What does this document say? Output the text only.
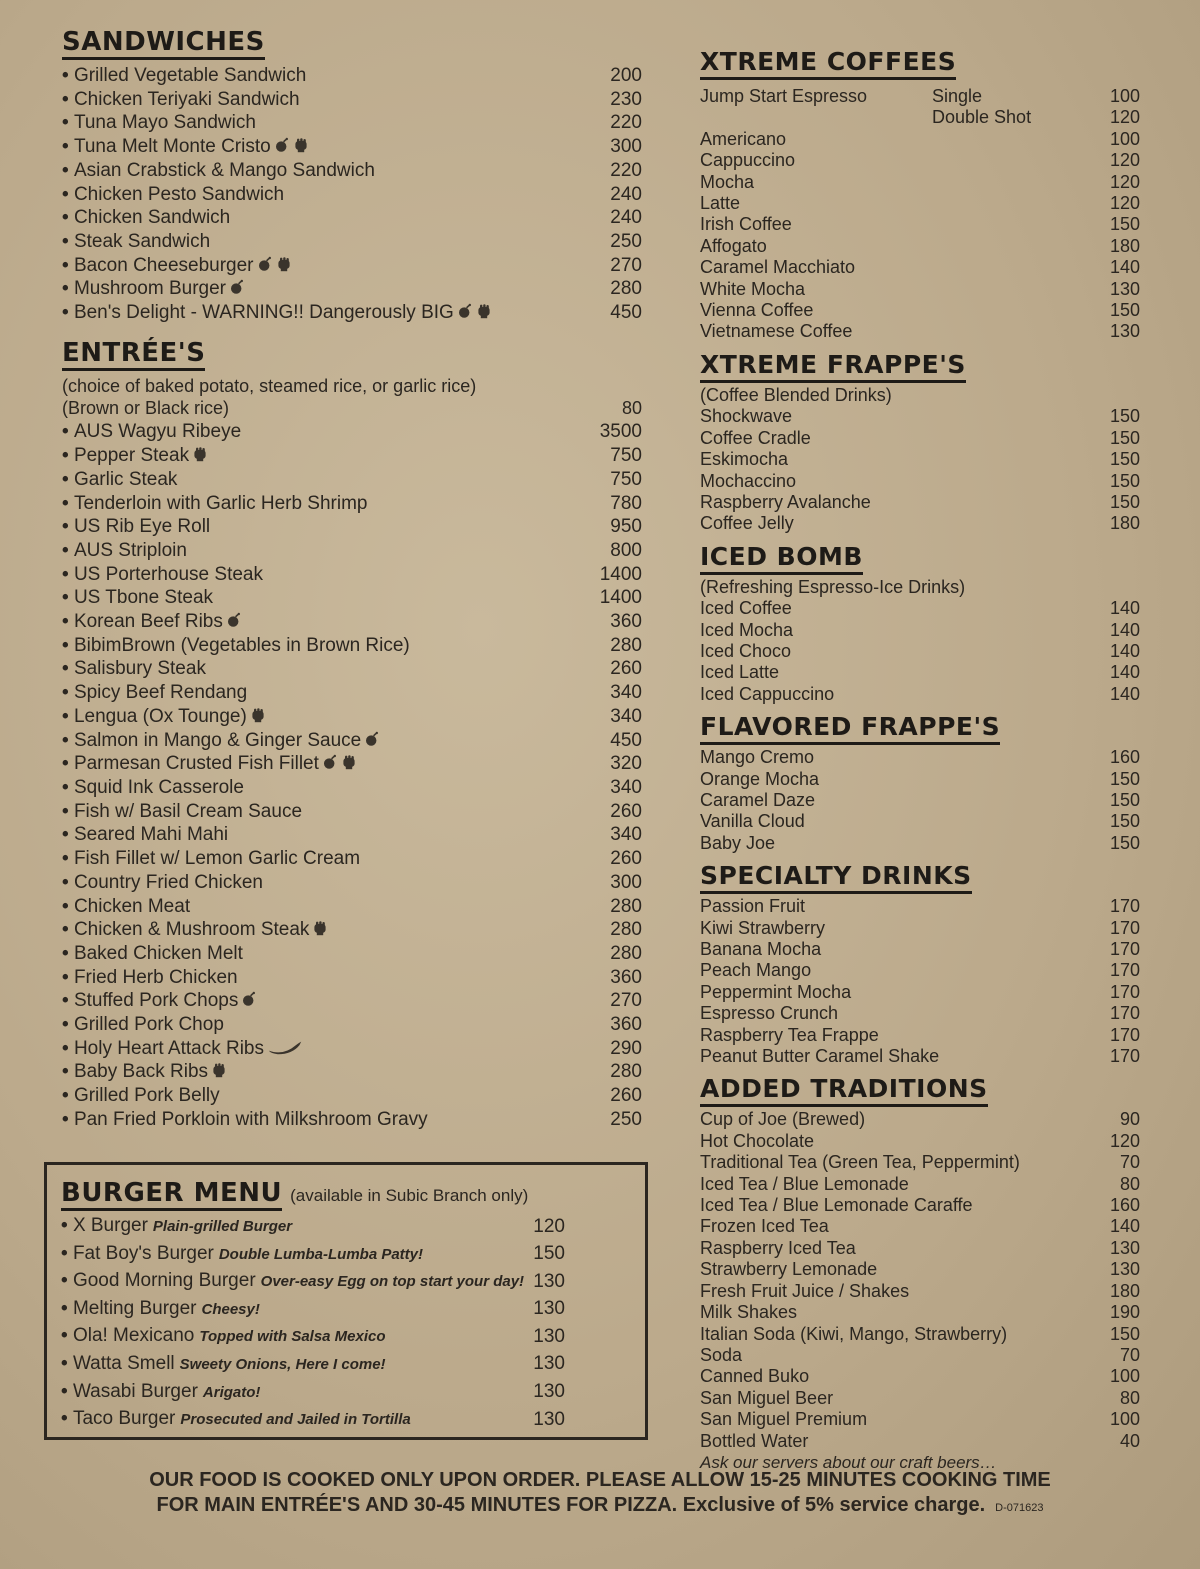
SANDWICHES
• Grilled Vegetable Sandwich	200
• Chicken Teriyaki Sandwich	230
• Tuna Mayo Sandwich	220
• Tuna Melt Monte Cristo	300
• Asian Crabstick & Mango Sandwich	220
• Chicken Pesto Sandwich	240
• Chicken Sandwich	240
• Steak Sandwich	250
• Bacon Cheeseburger	270
• Mushroom Burger	280
• Ben's Delight - WARNING!! Dangerously BIG	450
ENTRÉE'S
(choice of baked potato, steamed rice, or garlic rice)
(Brown or Black rice)	80
• AUS Wagyu Ribeye	3500
• Pepper Steak	750
• Garlic Steak	750
• Tenderloin with Garlic Herb Shrimp	780
• US Rib Eye Roll	950
• AUS Striploin	800
• US Porterhouse Steak	1400
• US Tbone Steak	1400
• Korean Beef Ribs	360
• BibimBrown (Vegetables in Brown Rice)	280
• Salisbury Steak	260
• Spicy Beef Rendang	340
• Lengua (Ox Tounge)	340
• Salmon in Mango & Ginger Sauce	450
• Parmesan Crusted Fish Fillet	320
• Squid Ink Casserole	340
• Fish w/ Basil Cream Sauce	260
• Seared Mahi Mahi	340
• Fish Fillet w/ Lemon Garlic Cream	260
• Country Fried Chicken	300
• Chicken Meat	280
• Chicken & Mushroom Steak	280
• Baked Chicken Melt	280
• Fried Herb Chicken	360
• Stuffed Pork Chops	270
• Grilled Pork Chop	360
• Holy Heart Attack Ribs	290
• Baby Back Ribs	280
• Grilled Pork Belly	260
• Pan Fried Porkloin with Milkshroom Gravy	250
BURGER MENU (available in Subic Branch only)
• X Burger Plain-grilled Burger	120
• Fat Boy's Burger Double Lumba-Lumba Patty!	150
• Good Morning Burger Over-easy Egg on top start your day! 130
• Melting Burger Cheesy!	130
• Ola! Mexicano Topped with Salsa Mexico	130
• Watta Smell Sweety Onions, Here I come!	130
• Wasabi Burger Arigato!	130
• Taco Burger Prosecuted and Jailed in Tortilla	130
XTREME COFFEES
Jump Start Espresso	Single	100
Double Shot	120
Americano	100
Cappuccino	120
Mocha	120
Latte	120
Irish Coffee	150
Affogato	180
Caramel Macchiato	140
White Mocha	130
Vienna Coffee	150
Vietnamese Coffee	130
XTREME FRAPPE'S
(Coffee Blended Drinks)
Shockwave	150
Coffee Cradle	150
Eskimocha	150
Mochaccino	150
Raspberry Avalanche	150
Coffee Jelly	180
ICED BOMB
(Refreshing Espresso-Ice Drinks)
Iced Coffee	140
Iced Mocha	140
Iced Choco	140
Iced Latte	140
Iced Cappuccino	140
FLAVORED FRAPPE'S
Mango Cremo	160
Orange Mocha	150
Caramel Daze	150
Vanilla Cloud	150
Baby Joe	150
SPECIALTY DRINKS
Passion Fruit	170
Kiwi Strawberry	170
Banana Mocha	170
Peach Mango	170
Peppermint Mocha	170
Espresso Crunch	170
Raspberry Tea Frappe	170
Peanut Butter Caramel Shake	170
ADDED TRADITIONS
Cup of Joe (Brewed)	90
Hot Chocolate	120
Traditional Tea (Green Tea, Peppermint)	70
Iced Tea / Blue Lemonade	80
Iced Tea / Blue Lemonade Caraffe	160
Frozen Iced Tea	140
Raspberry Iced Tea	130
Strawberry Lemonade	130
Fresh Fruit Juice / Shakes	180
Milk Shakes	190
Italian Soda (Kiwi, Mango, Strawberry)	150
Soda	70
Canned Buko	100
San Miguel Beer	80
San Miguel Premium	100
Bottled Water	40
Ask our servers about our craft beers…
OUR FOOD IS COOKED ONLY UPON ORDER. PLEASE ALLOW 15-25 MINUTES COOKING TIME
FOR MAIN ENTRÉE'S AND 30-45 MINUTES FOR PIZZA. Exclusive of 5% service charge. D-071623
